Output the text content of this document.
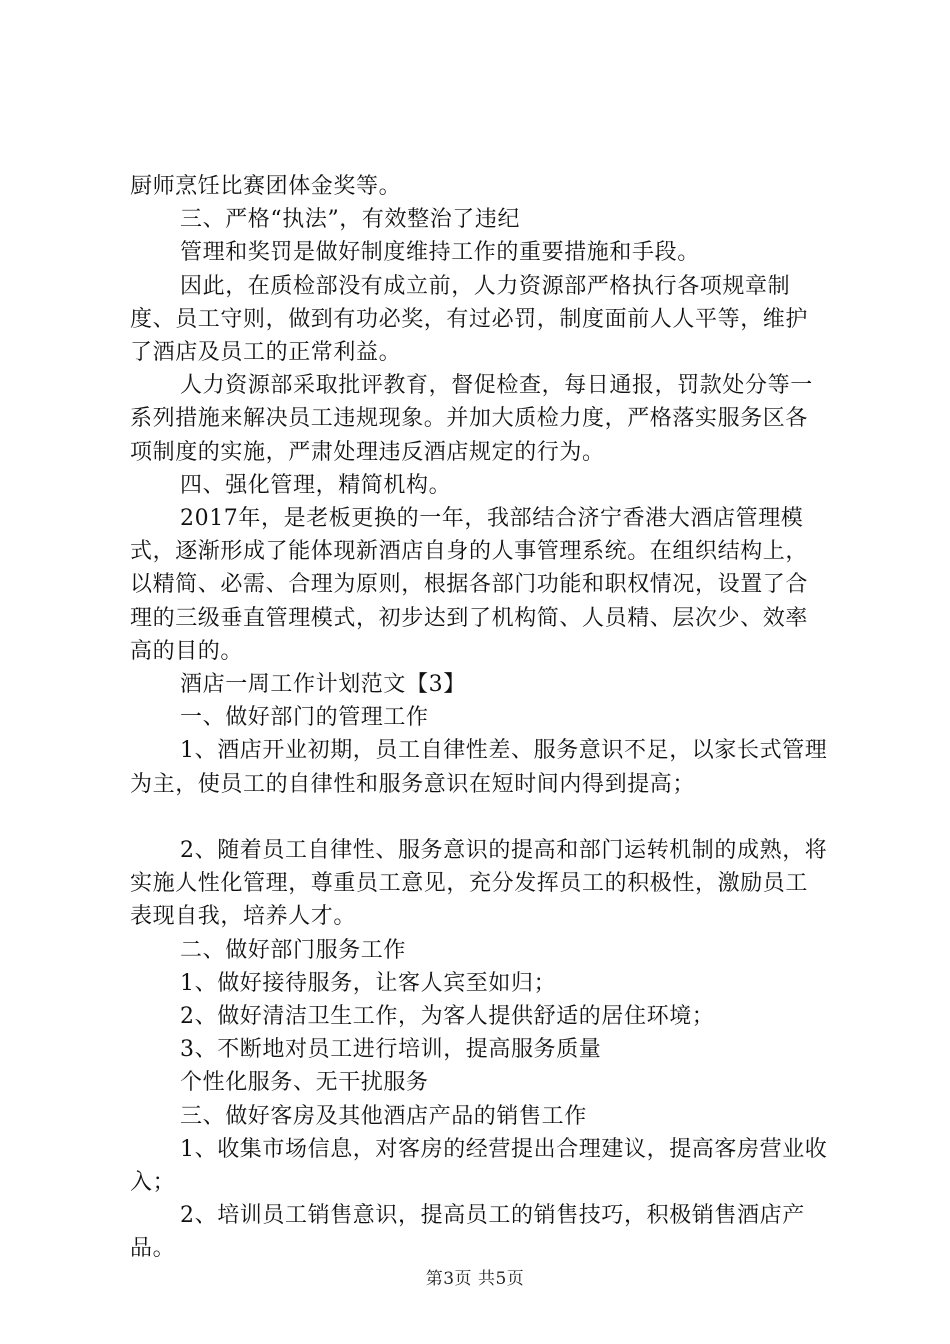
厨师烹饪比赛团体金奖等。

三、严格“执法”，有效整治了违纪

管理和奖罚是做好制度维持工作的重要措施和手段。

因此，在质检部没有成立前，人力资源部严格执行各项规章制度、员工守则，做到有功必奖，有过必罚，制度面前人人平等，维护了酒店及员工的正常利益。

人力资源部采取批评教育，督促检查，每日通报，罚款处分等一系列措施来解决员工违规现象。并加大质检力度，严格落实服务区各项制度的实施，严肃处理违反酒店规定的行为。

四、强化管理，精简机构。

2017年，是老板更换的一年，我部结合济宁香港大酒店管理模式，逐渐形成了能体现新酒店自身的人事管理系统。在组织结构上，以精简、必需、合理为原则，根据各部门功能和职权情况，设置了合理的三级垂直管理模式，初步达到了机构简、人员精、层次少、效率高的目的。

酒店一周工作计划范文【3】

一、做好部门的管理工作

1、酒店开业初期，员工自律性差、服务意识不足，以家长式管理为主，使员工的自律性和服务意识在短时间内得到提高；

2、随着员工自律性、服务意识的提高和部门运转机制的成熟，将实施人性化管理，尊重员工意见，充分发挥员工的积极性，激励员工表现自我，培养人才。

二、做好部门服务工作

1、做好接待服务，让客人宾至如归；

2、做好清洁卫生工作，为客人提供舒适的居住环境；

3、不断地对员工进行培训，提高服务质量

个性化服务、无干扰服务

三、做好客房及其他酒店产品的销售工作

1、收集市场信息，对客房的经营提出合理建议，提高客房营业收入；

2、培训员工销售意识，提高员工的销售技巧，积极销售酒店产品。

第3页 共5页
